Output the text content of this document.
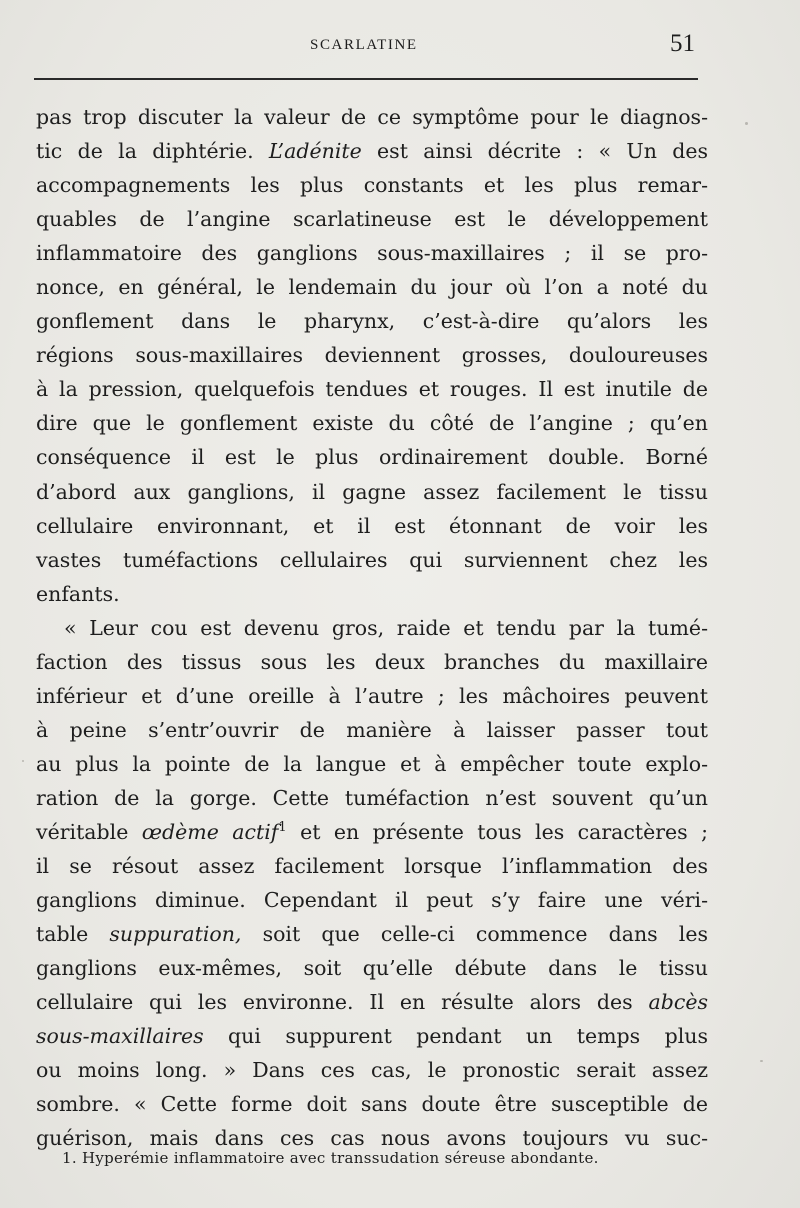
SCARLATINE	51
pas trop discuter la valeur de ce symptôme pour le diagnos-
tic de la diphtérie. L’adénite est ainsi décrite : « Un des
accompagnements les plus constants et les plus remar-
quables de l’angine scarlatineuse est le développement
inflammatoire des ganglions sous-maxillaires ; il se pro-
nonce, en général, le lendemain du jour où l’on a noté du
gonflement dans le pharynx, c’est-à-dire qu’alors les
régions sous-maxillaires deviennent grosses, douloureuses
à la pression, quelquefois tendues et rouges. Il est inutile de
dire que le gonflement existe du côté de l’angine ; qu’en
conséquence il est le plus ordinairement double. Borné
d’abord aux ganglions, il gagne assez facilement le tissu
cellulaire environnant, et il est étonnant de voir les
vastes tuméfactions cellulaires qui surviennent chez les
enfants.
« Leur cou est devenu gros, raide et tendu par la tumé-
faction des tissus sous les deux branches du maxillaire
inférieur et d’une oreille à l’autre ; les mâchoires peuvent
à peine s’entr’ouvrir de manière à laisser passer tout
au plus la pointe de la langue et à empêcher toute explo-
ration de la gorge. Cette tuméfaction n’est souvent qu’un
véritable œdème actif$^1$ et en présente tous les caractères ;
il se résout assez facilement lorsque l’inflammation des
ganglions diminue. Cependant il peut s’y faire une véri-
table suppuration, soit que celle-ci commence dans les
ganglions eux-mêmes, soit qu’elle débute dans le tissu
cellulaire qui les environne. Il en résulte alors des abcès
sous-maxillaires qui suppurent pendant un temps plus
ou moins long. » Dans ces cas, le pronostic serait assez
sombre. « Cette forme doit sans doute être susceptible de
guérison, mais dans ces cas nous avons toujours vu suc-
1. Hyperémie inflammatoire avec transsudation séreuse abondante.
